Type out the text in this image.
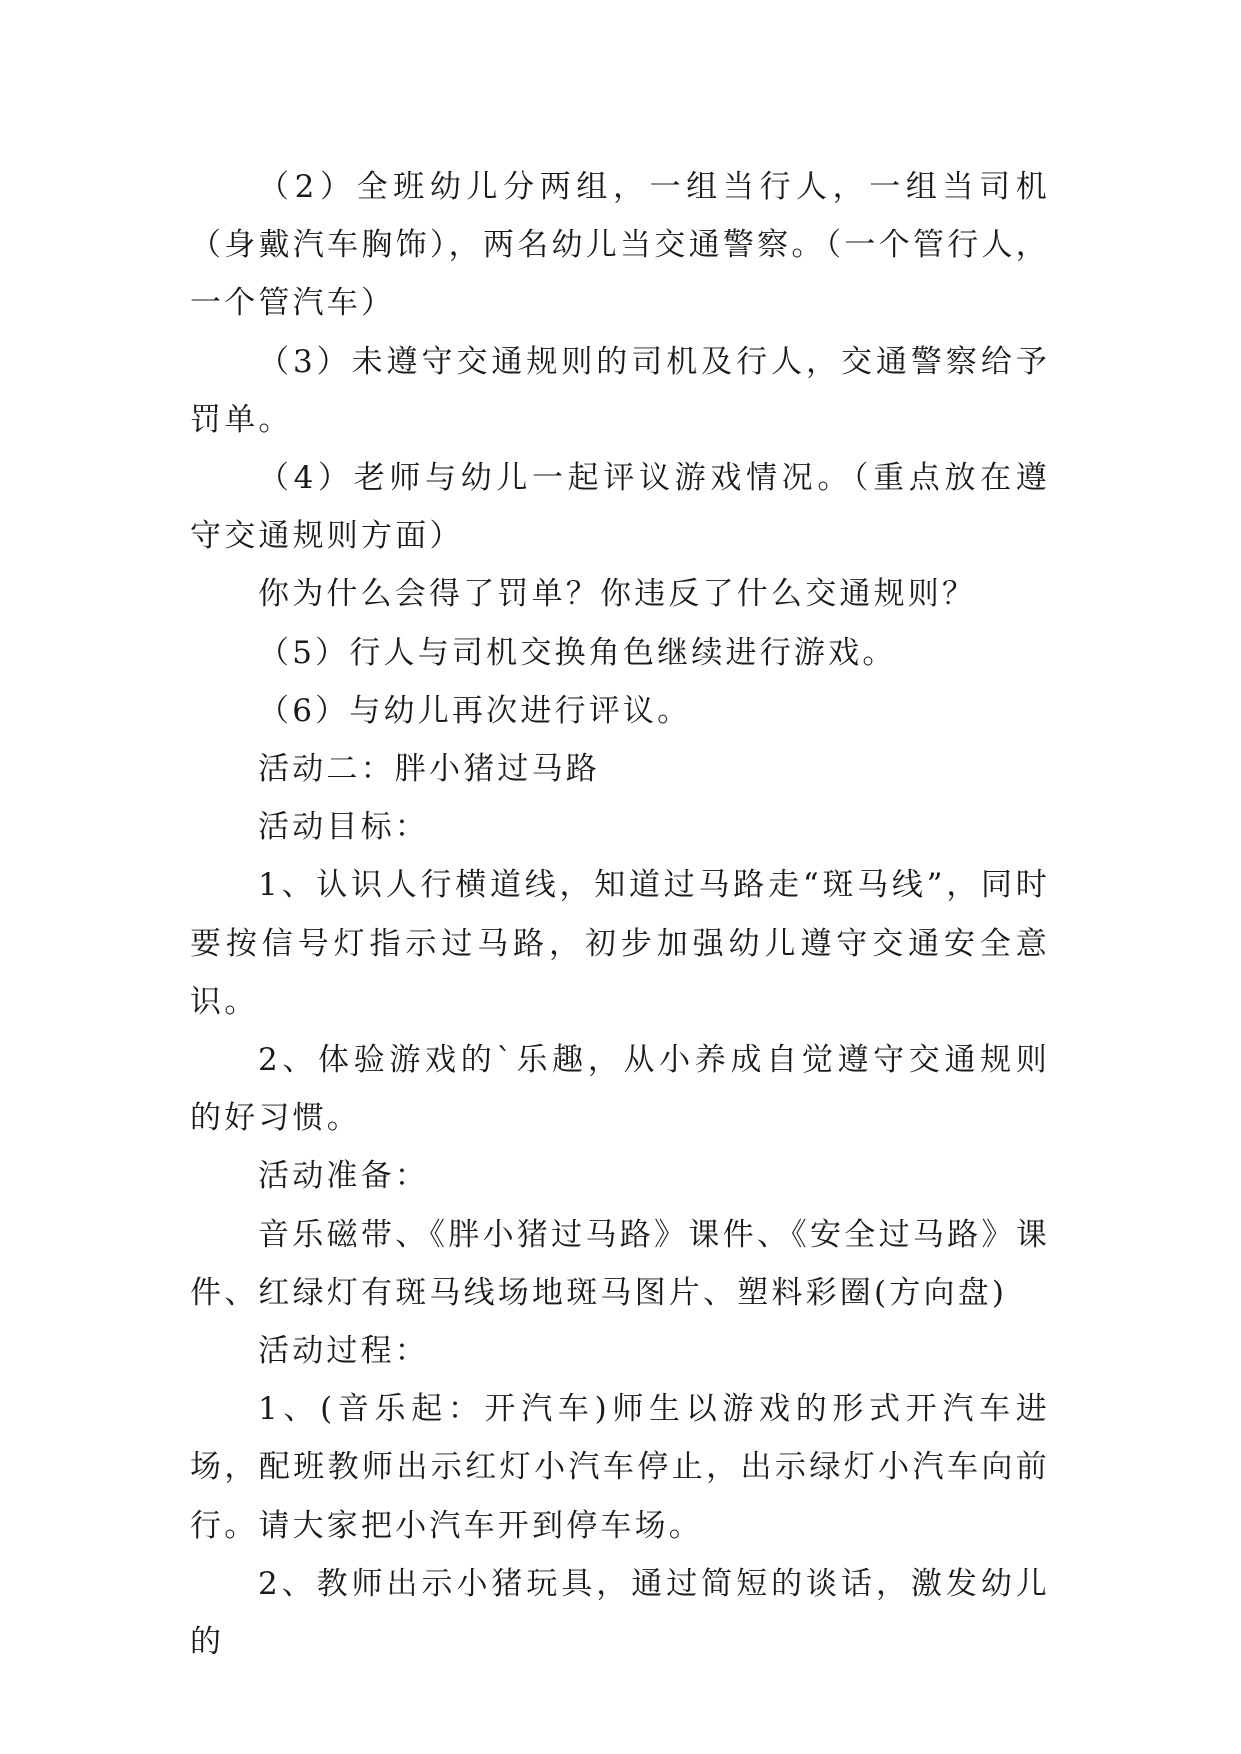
（2）全班幼儿分两组，一组当行人，一组当司机（身戴汽车胸饰），两名幼儿当交通警察。（一个管行人，一个管汽车）

（3）未遵守交通规则的司机及行人，交通警察给予罚单。

（4）老师与幼儿一起评议游戏情况。（重点放在遵守交通规则方面）

你为什么会得了罚单？你违反了什么交通规则？

（5）行人与司机交换角色继续进行游戏。

（6）与幼儿再次进行评议。

活动二：胖小猪过马路

活动目标：

1、认识人行横道线，知道过马路走“斑马线”，同时要按信号灯指示过马路，初步加强幼儿遵守交通安全意识。

2、体验游戏的`乐趣，从小养成自觉遵守交通规则的好习惯。

活动准备：

音乐磁带、《胖小猪过马路》课件、《安全过马路》课件、红绿灯有斑马线场地斑马图片、塑料彩圈(方向盘)

活动过程：

1、(音乐起：开汽车)师生以游戏的形式开汽车进场，配班教师出示红灯小汽车停止，出示绿灯小汽车向前行。请大家把小汽车开到停车场。

2、教师出示小猪玩具，通过简短的谈话，激发幼儿的
